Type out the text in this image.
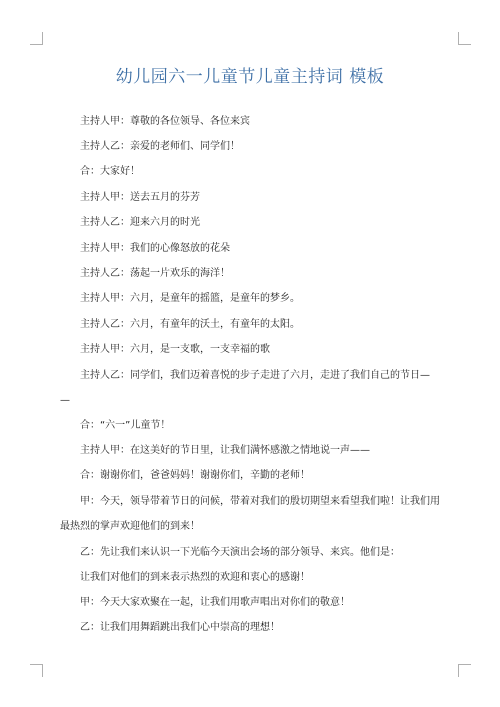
幼儿园六一儿童节儿童主持词 模板
主持人甲：尊敬的各位领导、各位来宾
主持人乙：亲爱的老师们、同学们！
合：大家好！
主持人甲：送去五月的芬芳
主持人乙：迎来六月的时光
主持人甲：我们的心像怒放的花朵
主持人乙：荡起一片欢乐的海洋！
主持人甲：六月，是童年的摇篮，是童年的梦乡。
主持人乙：六月，有童年的沃土，有童年的太阳。
主持人甲：六月，是一支歌，一支幸福的歌
主持人乙：同学们，我们迈着喜悦的步子走进了六月，走进了我们自己的节日—
—
合：“六一”儿童节！
主持人甲：在这美好的节日里，让我们满怀感激之情地说一声——
合：谢谢你们，爸爸妈妈！谢谢你们，辛勤的老师！
甲：今天，领导带着节日的问候，带着对我们的殷切期望来看望我们啦！让我们用
最热烈的掌声欢迎他们的到来！
乙：先让我们来认识一下光临今天演出会场的部分领导、来宾。他们是：
让我们对他们的到来表示热烈的欢迎和衷心的感谢！
甲：今天大家欢聚在一起，让我们用歌声唱出对你们的敬意！
乙：让我们用舞蹈跳出我们心中崇高的理想！
